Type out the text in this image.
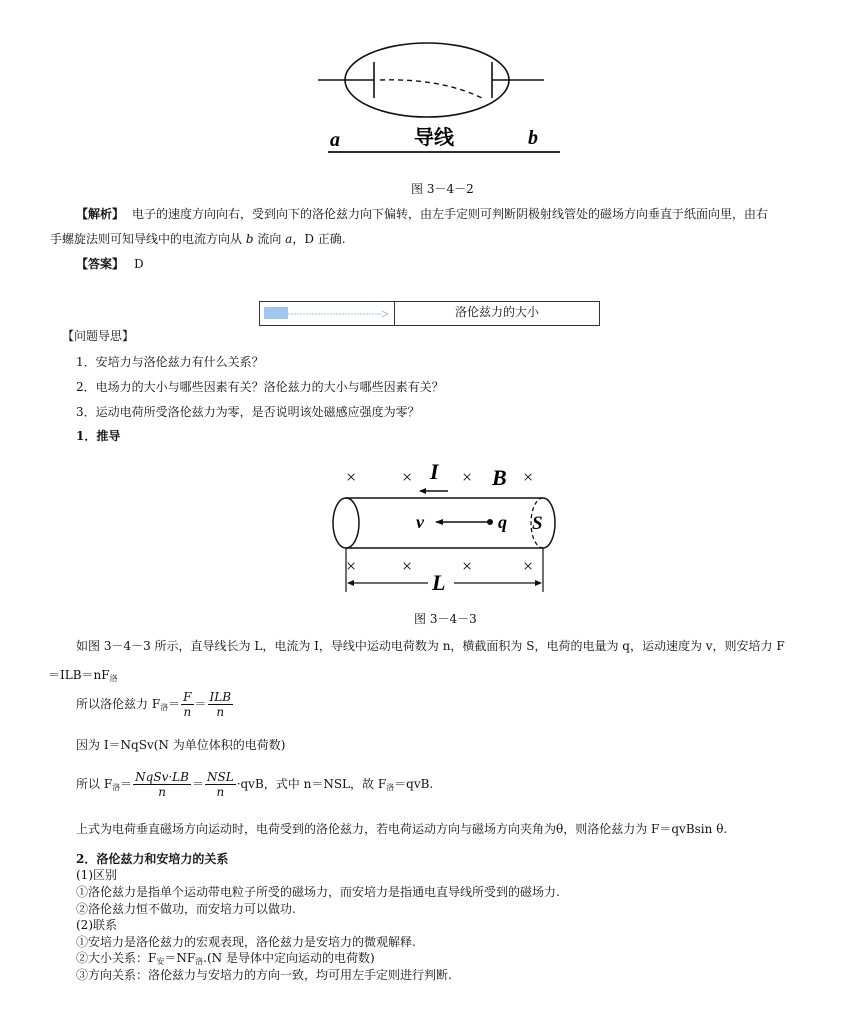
a	导线	b
图 3－4－2
【解析】 电子的速度方向向右，受到向下的洛伦兹力向下偏转，由左手定则可判断阴极射线管处的磁场方向垂直于纸面向里，由右
手螺旋法则可知导线中的电流方向从 b 流向 a，D 正确.
【答案】 D
洛伦兹力的大小
【问题导思】
1．安培力与洛伦兹力有什么关系？
2．电场力的大小与哪些因素有关？洛伦兹力的大小与哪些因素有关？
3．运动电荷所受洛伦兹力为零，是否说明该处磁感应强度为零？
1．推导
×	×	×	×
×	×	×	×
I B
S
v	q
L
图 3－4－3
如图 3－4－3 所示，直导线长为 L，电流为 I，导线中运动电荷数为 n，横截面积为 S，电荷的电量为 q，运动速度为 v，则安培力 F
$=ILB=nF_洛$
所以洛伦兹力 $F_洛= \frac{F}{n} = \frac{\text{ILB}}{n}$
因为 I＝NqSv(N 为单位体积的电荷数)
所以 $F_洛= \frac{\text{NqSv·LB}}{n} = \frac{\text{NSL}}{n} \cdot qvB$，式中 n＝NSL，故 $F_洛=qvB$.
上式为电荷垂直磁场方向运动时，电荷受到的洛伦兹力，若电荷运动方向与磁场方向夹角为θ，则洛伦兹力为 F＝qvBsin θ.
2．洛伦兹力和安培力的关系
(1)区别
①洛伦兹力是指单个运动带电粒子所受的磁场力，而安培力是指通电直导线所受到的磁场力.
②洛伦兹力恒不做功，而安培力可以做功.
(2)联系
①安培力是洛伦兹力的宏观表现，洛伦兹力是安培力的微观解释.
②大小关系：$F_安=NF_洛.(N$ 是导体中定向运动的电荷数)
③方向关系：洛伦兹力与安培力的方向一致，均可用左手定则进行判断.
